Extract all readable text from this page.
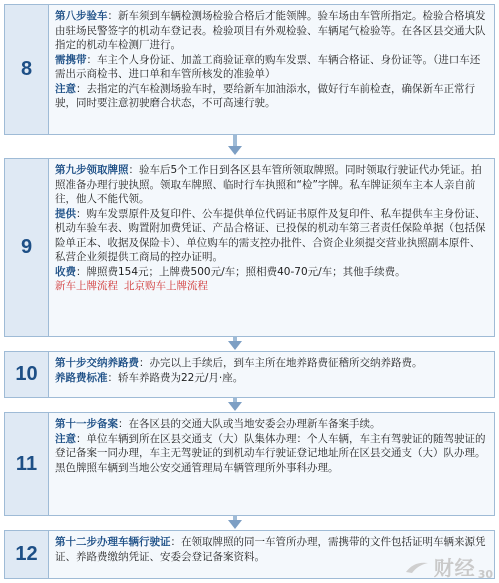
8
第八步验车：新车须到车辆检测场检验合格后才能领牌。验车场由车管所指定。检验合格填发由驻场民警签字的机动车登记表。检验项目有外观检验、车辆尾气检验等。在各区县交通大队指定的机动车检测厂进行。
需携带：车主个人身份证、加盖工商验证章的购车发票、车辆合格证、身份证等。（进口车还需出示商检书、进口单和车管所核发的准验单）
注意：去指定的汽车检测场验车时，要给新车加油添水，做好行车前检查，确保新车正常行驶，同时要注意初驶磨合状态，不可高速行驶。
9
第九步领取牌照：验车后5个工作日到各区县车管所领取牌照。同时领取行驶证代办凭证。拍照准备办理行驶执照。领取车牌照、临时行车执照和“检”字牌。私车牌证须车主本人亲自前往，他人不能代领。
提供：购车发票原件及复印件、公车提供单位代码证书原件及复印件、私车提供车主身份证、机动车验车表、购置附加费凭证、产品合格证、已投保的机动车第三者责任保险单据（包括保险单正本、收据及保险卡）、单位购车的需支控办批件、合资企业须提交营业执照副本原件、私营企业须提供工商局的控办证明。
收费：牌照费154元；上牌费500元/车；照相费40-70元/车；其他手续费。
新车上牌流程 北京购车上牌流程
10	第十步交纳养路费：办完以上手续后，到车主所在地养路费征稽所交纳养路费。
养路费标准：轿车养路费为22元/月·座。
11
第十一步备案：在各区县的交通大队或当地安委会办理新车备案手续。
注意：单位车辆到所在区县交通支（大）队集体办理：个人车辆，车主有驾驶证的随驾驶证的登记备案一同办理，车主无驾驶证的到机动车行驶证登记地址所在区县交通支（大）队办理。黑色牌照车辆到当地公安交通管理局车辆管理所外事科办理。
12
第十二步办理车辆行驶证：在领取牌照的同一车管所办理，需携带的文件包括证明车辆来源凭证、养路费缴纳凭证、安委会登记备案资料。	财经 30
